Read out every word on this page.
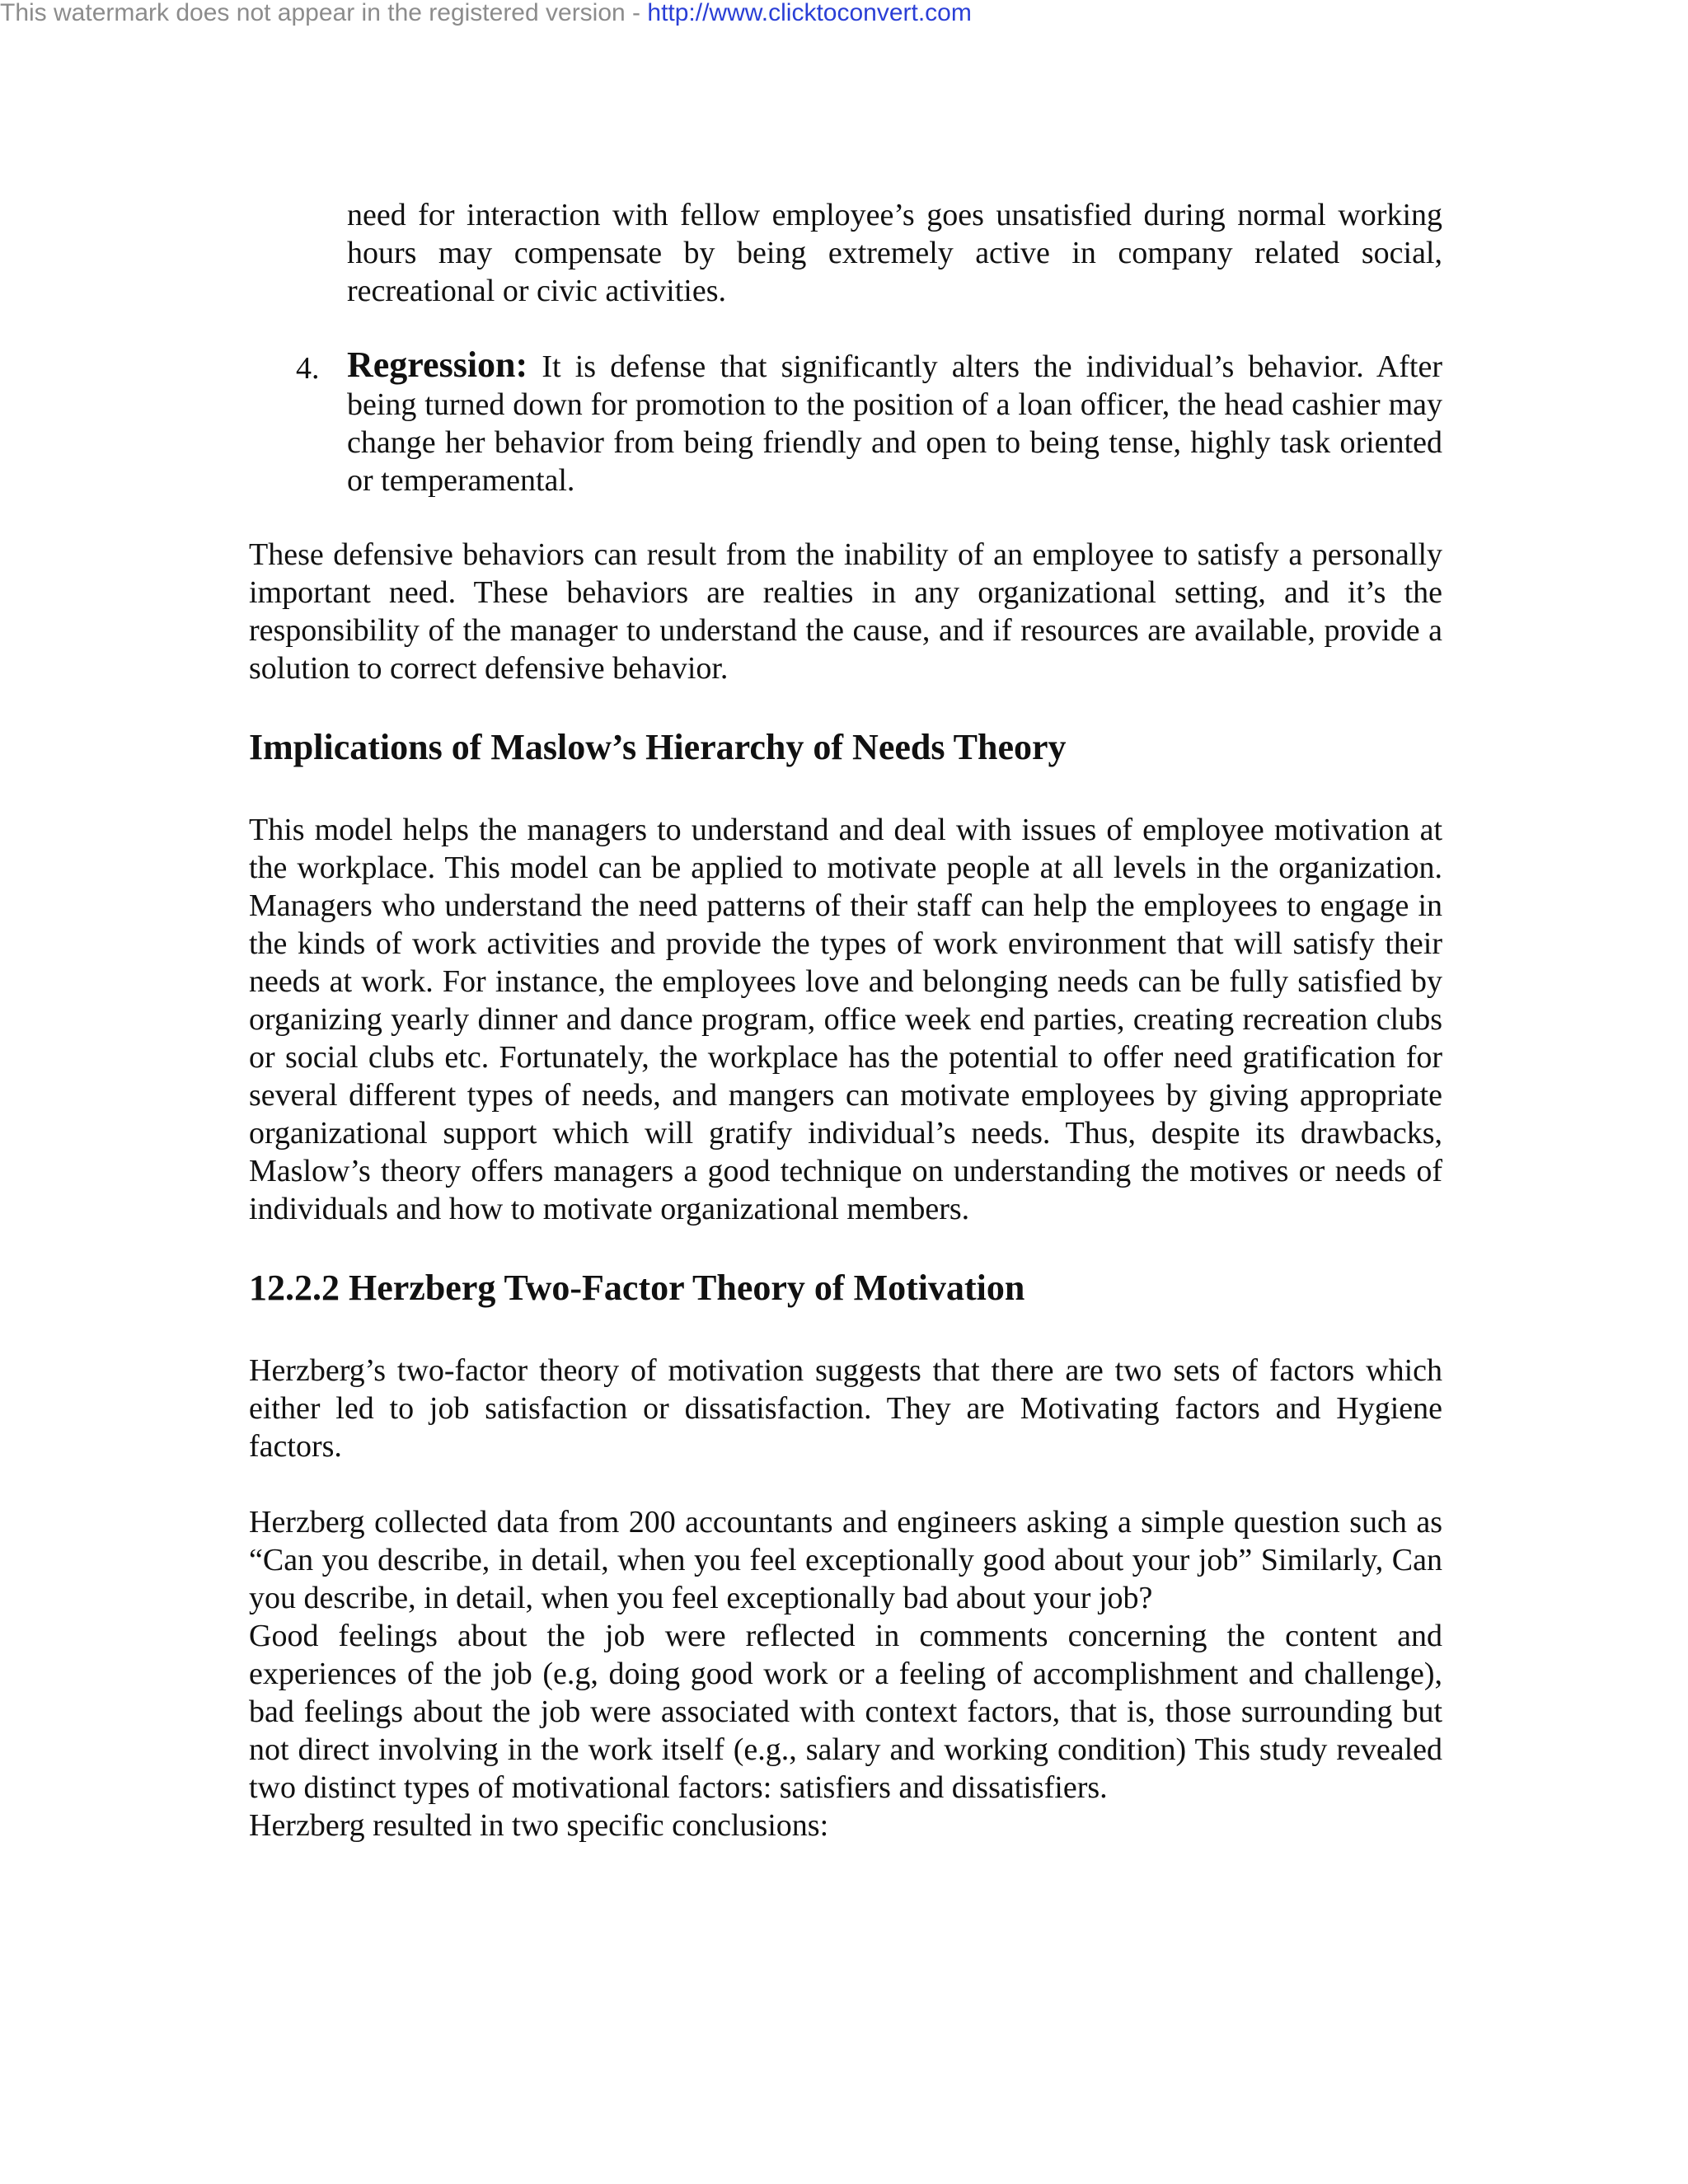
This watermark does not appear in the registered version - http://www.clicktoconvert.com

need for interaction with fellow employee’s goes unsatisfied during normal working hours may compensate by being extremely active in company related social, recreational or civic activities.

4. Regression: It is defense that significantly alters the individual’s behavior. After being turned down for promotion to the position of a loan officer, the head cashier may change her behavior from being friendly and open to being tense, highly task oriented or temperamental.

These defensive behaviors can result from the inability of an employee to satisfy a personally important need. These behaviors are realties in any organizational setting, and it’s the responsibility of the manager to understand the cause, and if resources are available, provide a solution to correct defensive behavior.

Implications of Maslow’s Hierarchy of Needs Theory

This model helps the managers to understand and deal with issues of employee motivation at the workplace. This model can be applied to motivate people at all levels in the organization. Managers who understand the need patterns of their staff can help the employees to engage in the kinds of work activities and provide the types of work environment that will satisfy their needs at work. For instance, the employees love and belonging needs can be fully satisfied by organizing yearly dinner and dance program, office week end parties, creating recreation clubs or social clubs etc. Fortunately, the workplace has the potential to offer need gratification for several different types of needs, and mangers can motivate employees by giving appropriate organizational support which will gratify individual’s needs. Thus, despite its drawbacks, Maslow’s theory offers managers a good technique on understanding the motives or needs of individuals and how to motivate organizational members.

12.2.2 Herzberg Two-Factor Theory of Motivation

Herzberg’s two-factor theory of motivation suggests that there are two sets of factors which either led to job satisfaction or dissatisfaction. They are Motivating factors and Hygiene factors.

Herzberg collected data from 200 accountants and engineers asking a simple question such as “Can you describe, in detail, when you feel exceptionally good about your job” Similarly, Can you describe, in detail, when you feel exceptionally bad about your job?

Good feelings about the job were reflected in comments concerning the content and experiences of the job (e.g, doing good work or a feeling of accomplishment and challenge), bad feelings about the job were associated with context factors, that is, those surrounding but not direct involving in the work itself (e.g., salary and working condition) This study revealed two distinct types of motivational factors: satisfiers and dissatisfiers.

Herzberg resulted in two specific conclusions:
